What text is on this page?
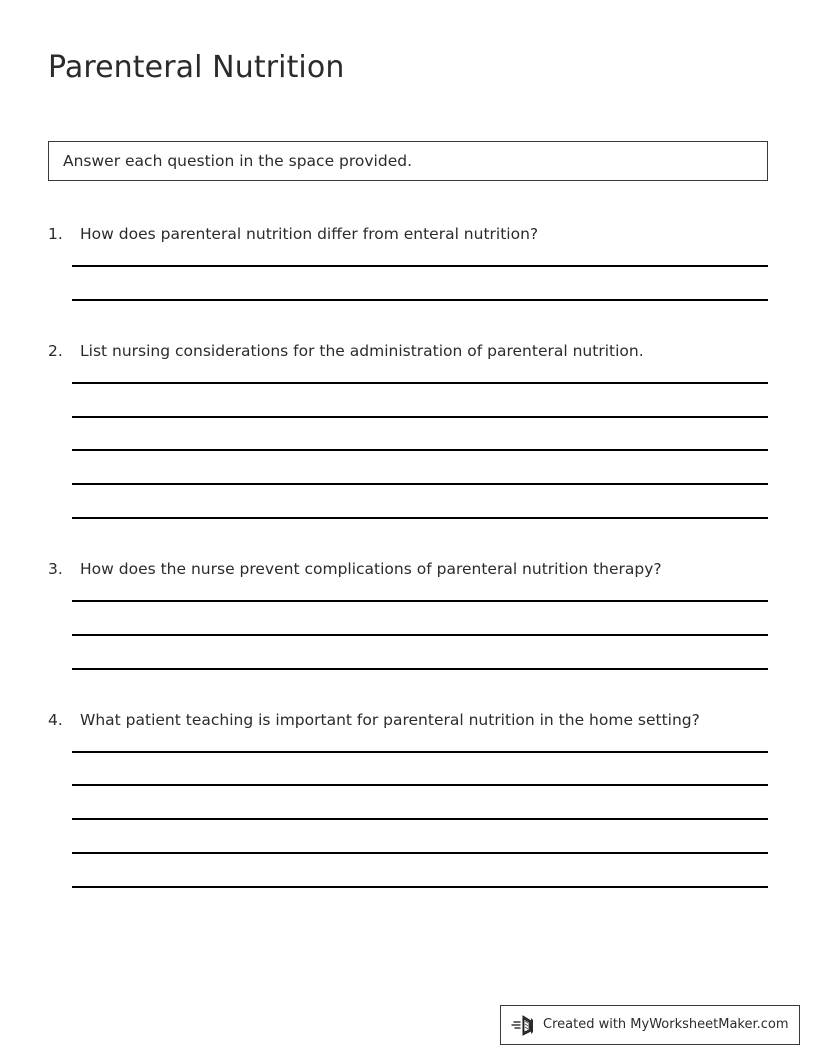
Parenteral Nutrition
Answer each question in the space provided.
1.	How does parenteral nutrition differ from enteral nutrition?
2.	List nursing considerations for the administration of parenteral nutrition.
3.	How does the nurse prevent complications of parenteral nutrition therapy?
4.	What patient teaching is important for parenteral nutrition in the home setting?
Created with MyWorksheetMaker.com
